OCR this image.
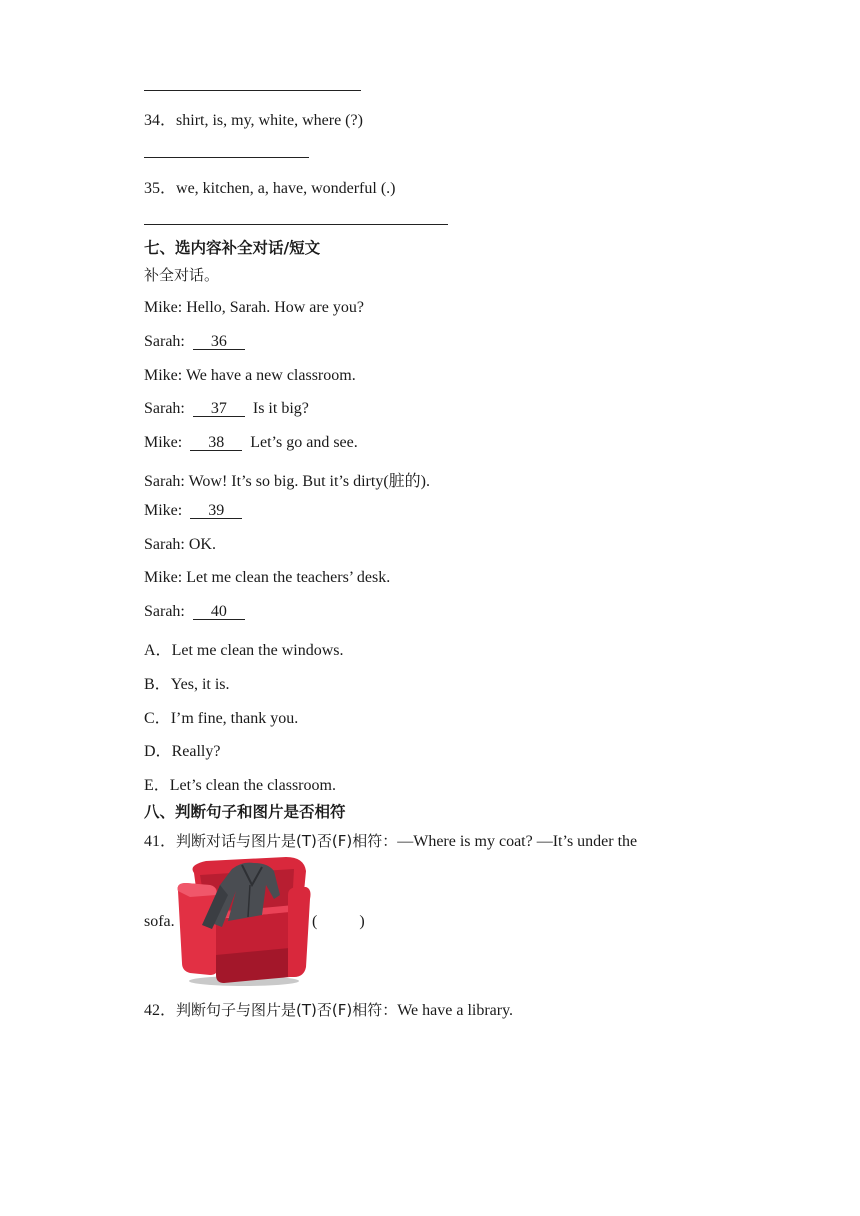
34．shirt, is, my, white, where (?)
35．we, kitchen, a, have, wonderful (.)
七、选内容补全对话/短文
补全对话。
Mike: Hello, Sarah. How are you?
Sarah: 36
Mike: We have a new classroom.
Sarah: 37 Is it big?
Mike: 38 Let’s go and see.
Sarah: Wow! It’s so big. But it’s dirty(脏的).
Mike: 39
Sarah: OK.
Mike: Let me clean the teachers’ desk.
Sarah: 40
A．Let me clean the windows.
B．Yes, it is.
C．I’m fine, thank you.
D．Really?
E．Let’s clean the classroom.
八、判断句子和图片是否相符
41．判断对话与图片是(T)否(F)相符：—Where is my coat? —It’s under the
sofa.	(	)
42．判断句子与图片是(T)否(F)相符：We have a library.
